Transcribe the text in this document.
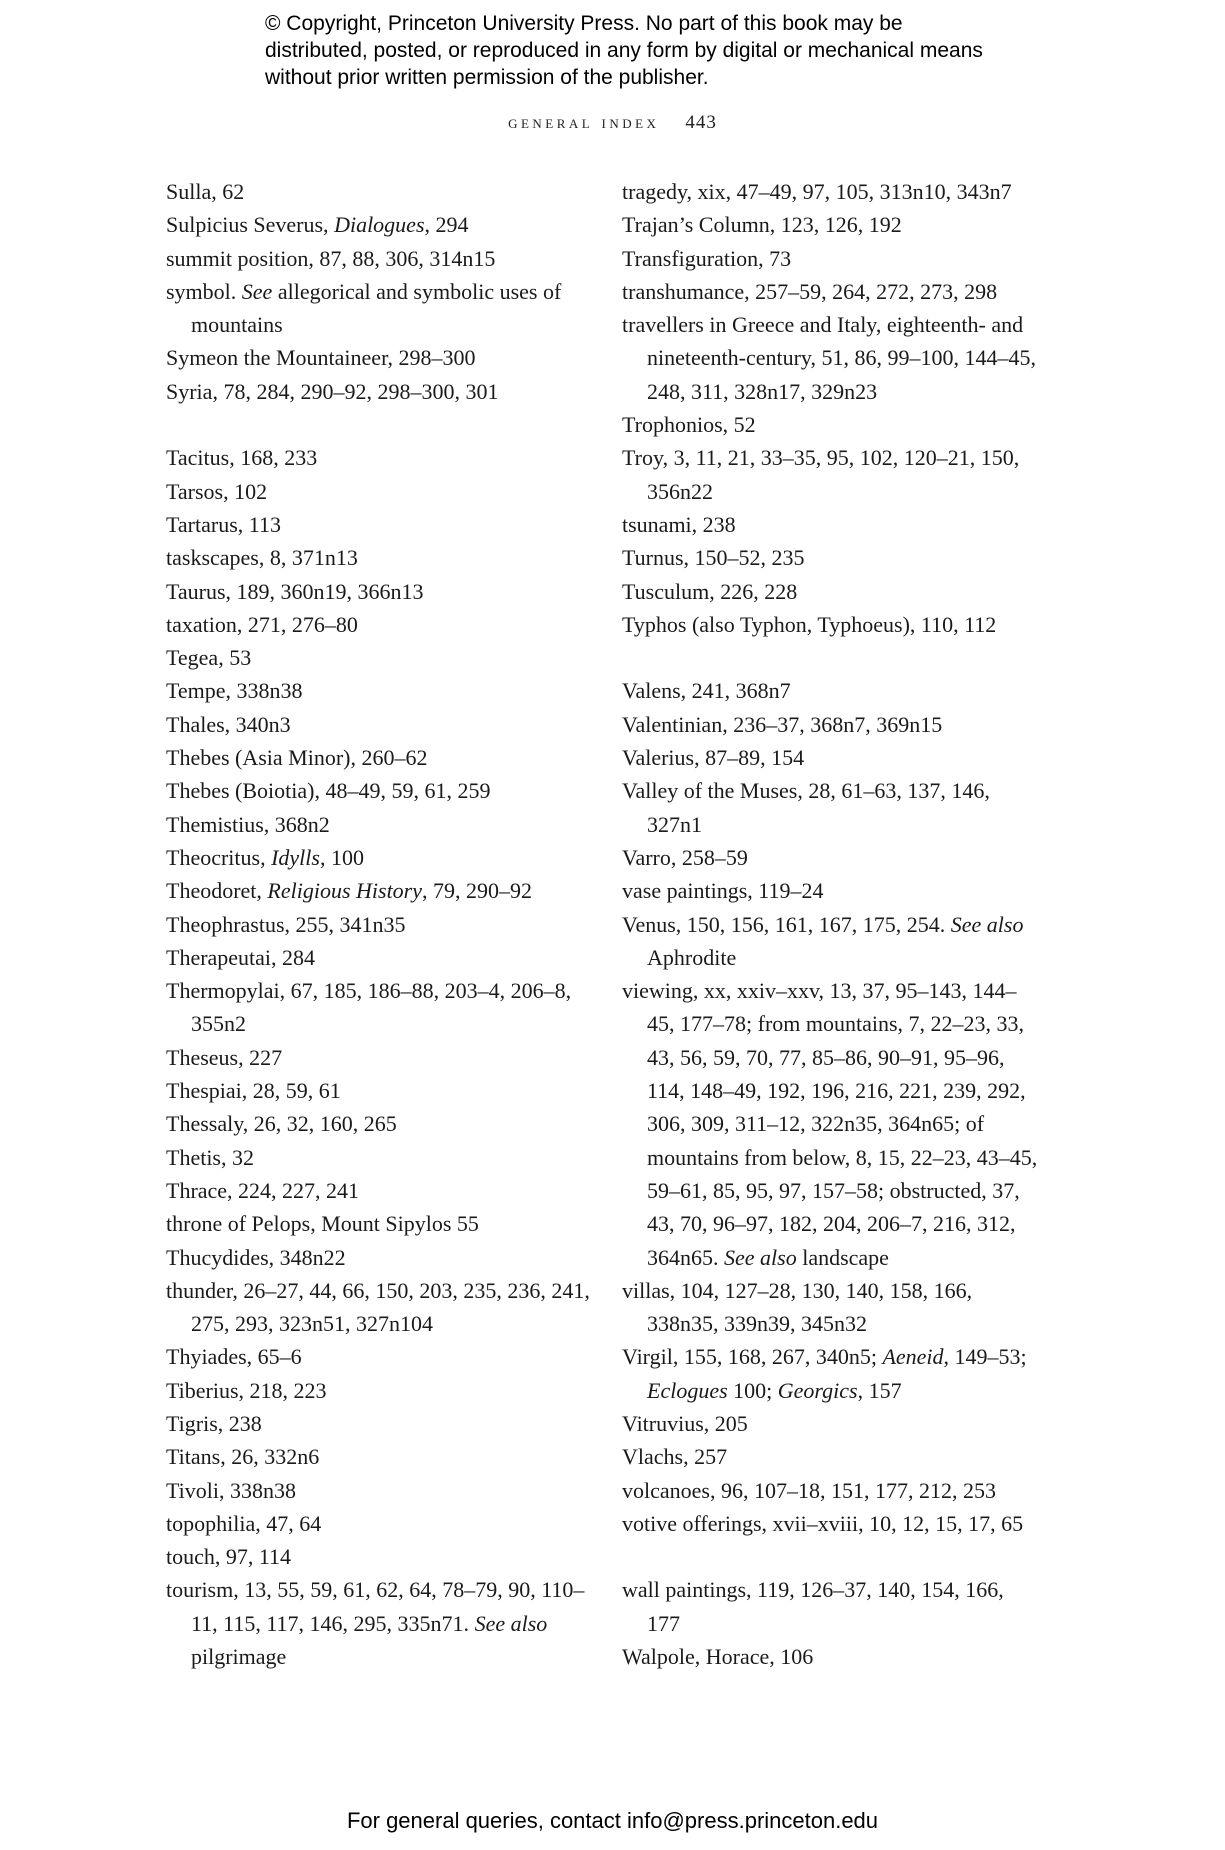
© Copyright, Princeton University Press. No part of this book may be distributed, posted, or reproduced in any form by digital or mechanical means without prior written permission of the publisher.
general index 443
Sulla, 62
Sulpicius Severus, Dialogues, 294
summit position, 87, 88, 306, 314n15
symbol. See allegorical and symbolic uses of mountains
Symeon the Mountaineer, 298–300
Syria, 78, 284, 290–92, 298–300, 301
Tacitus, 168, 233
Tarsos, 102
Tartarus, 113
taskscapes, 8, 371n13
Taurus, 189, 360n19, 366n13
taxation, 271, 276–80
Tegea, 53
Tempe, 338n38
Thales, 340n3
Thebes (Asia Minor), 260–62
Thebes (Boiotia), 48–49, 59, 61, 259
Themistius, 368n2
Theocritus, Idylls, 100
Theodoret, Religious History, 79, 290–92
Theophrastus, 255, 341n35
Therapeutai, 284
Thermopylai, 67, 185, 186–88, 203–4, 206–8, 355n2
Theseus, 227
Thespiai, 28, 59, 61
Thessaly, 26, 32, 160, 265
Thetis, 32
Thrace, 224, 227, 241
throne of Pelops, Mount Sipylos 55
Thucydides, 348n22
thunder, 26–27, 44, 66, 150, 203, 235, 236, 241, 275, 293, 323n51, 327n104
Thyiades, 65–6
Tiberius, 218, 223
Tigris, 238
Titans, 26, 332n6
Tivoli, 338n38
topophilia, 47, 64
touch, 97, 114
tourism, 13, 55, 59, 61, 62, 64, 78–79, 90, 110–11, 115, 117, 146, 295, 335n71. See also pilgrimage
tragedy, xix, 47–49, 97, 105, 313n10, 343n7
Trajan’s Column, 123, 126, 192
Transfiguration, 73
transhumance, 257–59, 264, 272, 273, 298
travellers in Greece and Italy, eighteenth- and nineteenth-century, 51, 86, 99–100, 144–45, 248, 311, 328n17, 329n23
Trophonios, 52
Troy, 3, 11, 21, 33–35, 95, 102, 120–21, 150, 356n22
tsunami, 238
Turnus, 150–52, 235
Tusculum, 226, 228
Typhos (also Typhon, Typhoeus), 110, 112
Valens, 241, 368n7
Valentinian, 236–37, 368n7, 369n15
Valerius, 87–89, 154
Valley of the Muses, 28, 61–63, 137, 146, 327n1
Varro, 258–59
vase paintings, 119–24
Venus, 150, 156, 161, 167, 175, 254. See also Aphrodite
viewing, xx, xxiv–xxv, 13, 37, 95–143, 144–45, 177–78; from mountains, 7, 22–23, 33, 43, 56, 59, 70, 77, 85–86, 90–91, 95–96, 114, 148–49, 192, 196, 216, 221, 239, 292, 306, 309, 311–12, 322n35, 364n65; of mountains from below, 8, 15, 22–23, 43–45, 59–61, 85, 95, 97, 157–58; obstructed, 37, 43, 70, 96–97, 182, 204, 206–7, 216, 312, 364n65. See also landscape
villas, 104, 127–28, 130, 140, 158, 166, 338n35, 339n39, 345n32
Virgil, 155, 168, 267, 340n5; Aeneid, 149–53; Eclogues 100; Georgics, 157
Vitruvius, 205
Vlachs, 257
volcanoes, 96, 107–18, 151, 177, 212, 253
votive offerings, xvii–xviii, 10, 12, 15, 17, 65
wall paintings, 119, 126–37, 140, 154, 166, 177
Walpole, Horace, 106
For general queries, contact info@press.princeton.edu
